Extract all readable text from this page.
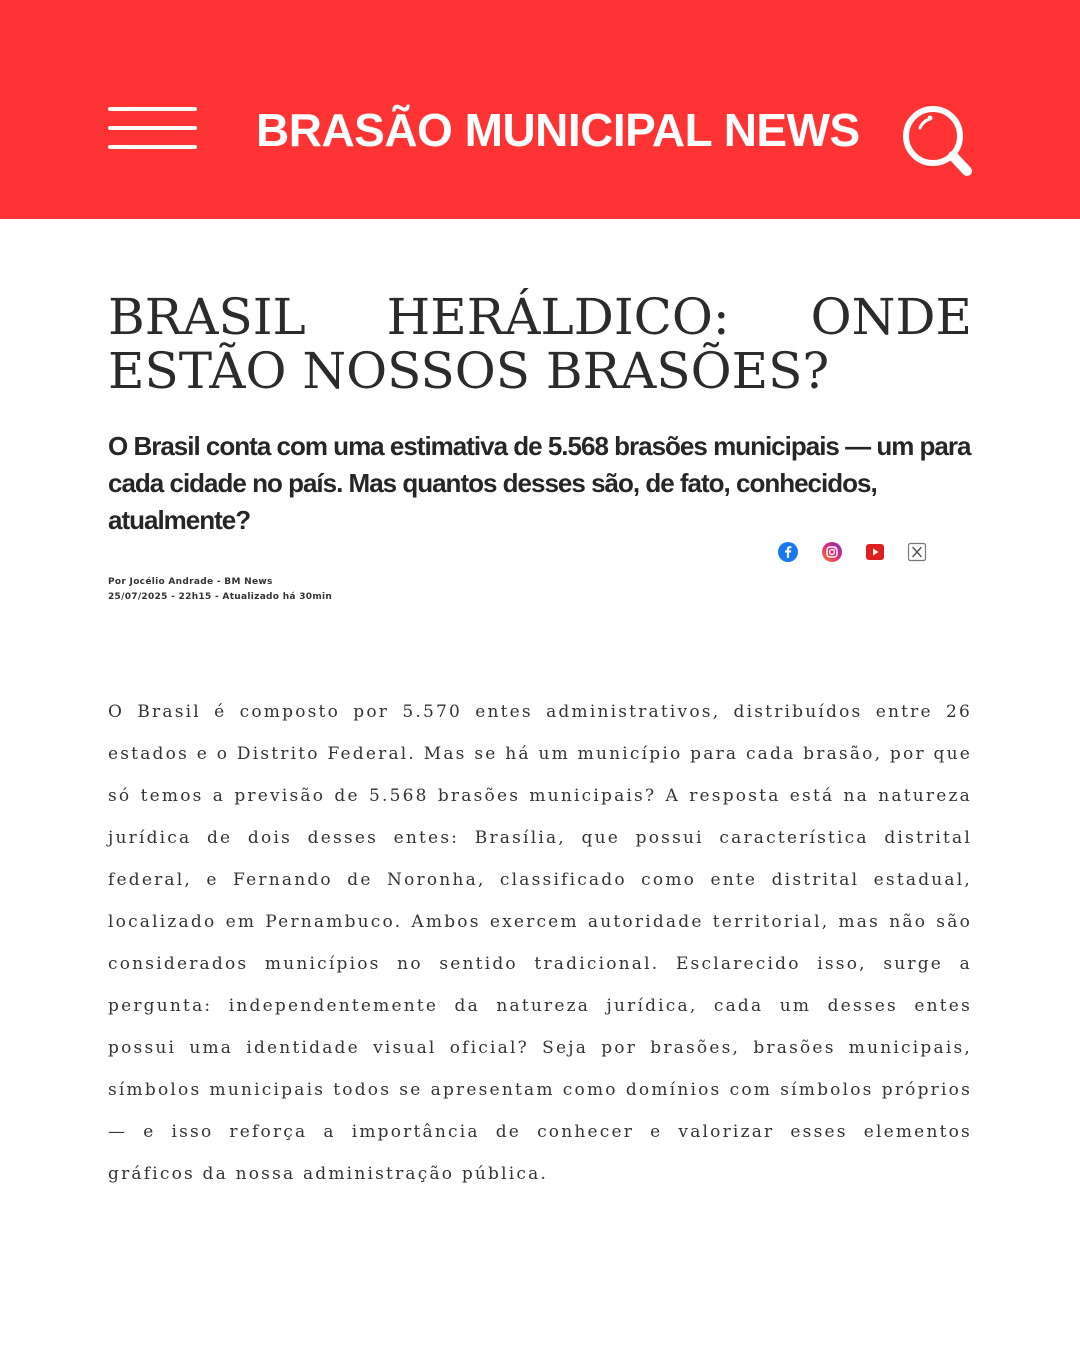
BRASÃO MUNICIPAL NEWS
BRASIL HERÁLDICO: ONDE ESTÃO NOSSOS BRASÕES?

O Brasil conta com uma estimativa de 5.568 brasões municipais — um para cada cidade no país. Mas quantos desses são, de fato, conhecidos, atualmente?

Por Jocélio Andrade - BM News
25/07/2025 - 22h15 - Atualizado há 30min

O Brasil é composto por 5.570 entes administrativos, distribuídos entre 26 estados e o Distrito Federal. Mas se há um município para cada brasão, por que só temos a previsão de 5.568 brasões municipais? A resposta está na natureza jurídica de dois desses entes: Brasília, que possui característica distrital federal, e Fernando de Noronha, classificado como ente distrital estadual, localizado em Pernambuco. Ambos exercem autoridade territorial, mas não são considerados municípios no sentido tradicional. Esclarecido isso, surge a pergunta: independentemente da natureza jurídica, cada um desses entes possui uma identidade visual oficial? Seja por brasões, brasões municipais, símbolos municipais todos se apresentam como domínios com símbolos próprios — e isso reforça a importância de conhecer e valorizar esses elementos gráficos da nossa administração pública.
